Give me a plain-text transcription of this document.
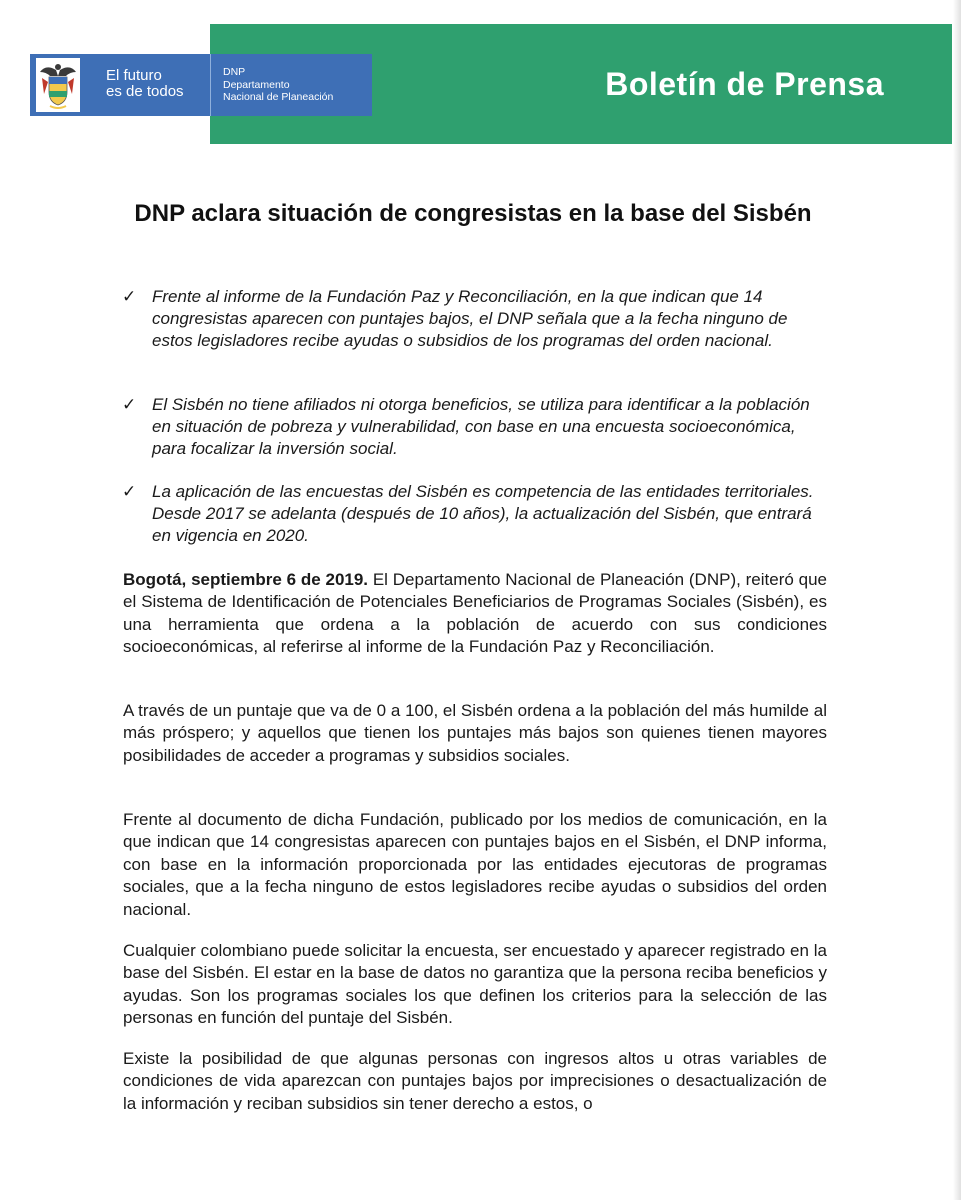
Boletín de Prensa
El futuro
es de todos
DNP
Departamento
Nacional de Planeación
DNP aclara situación de congresistas en la base del Sisbén
✓ Frente al informe de la Fundación Paz y Reconciliación, en la que indican que 14 congresistas aparecen con puntajes bajos, el DNP señala que a la fecha ninguno de estos legisladores recibe ayudas o subsidios de los programas del orden nacional.
✓ El Sisbén no tiene afiliados ni otorga beneficios, se utiliza para identificar a la población en situación de pobreza y vulnerabilidad, con base en una encuesta socioeconómica, para focalizar la inversión social.
✓ La aplicación de las encuestas del Sisbén es competencia de las entidades territoriales. Desde 2017 se adelanta (después de 10 años), la actualización del Sisbén, que entrará en vigencia en 2020.
Bogotá, septiembre 6 de 2019. El Departamento Nacional de Planeación (DNP), reiteró que el Sistema de Identificación de Potenciales Beneficiarios de Programas Sociales (Sisbén), es una herramienta que ordena a la población de acuerdo con sus condiciones socioeconómicas, al referirse al informe de la Fundación Paz y Reconciliación.
A través de un puntaje que va de 0 a 100, el Sisbén ordena a la población del más humilde al más próspero; y aquellos que tienen los puntajes más bajos son quienes tienen mayores posibilidades de acceder a programas y subsidios sociales.
Frente al documento de dicha Fundación, publicado por los medios de comunicación, en la que indican que 14 congresistas aparecen con puntajes bajos en el Sisbén, el DNP informa, con base en la información proporcionada por las entidades ejecutoras de programas sociales, que a la fecha ninguno de estos legisladores recibe ayudas o subsidios del orden nacional.
Cualquier colombiano puede solicitar la encuesta, ser encuestado y aparecer registrado en la base del Sisbén. El estar en la base de datos no garantiza que la persona reciba beneficios y ayudas. Son los programas sociales los que definen los criterios para la selección de las personas en función del puntaje del Sisbén.
Existe la posibilidad de que algunas personas con ingresos altos u otras variables de condiciones de vida aparezcan con puntajes bajos por imprecisiones o desactualización de la información y reciban subsidios sin tener derecho a estos, o
